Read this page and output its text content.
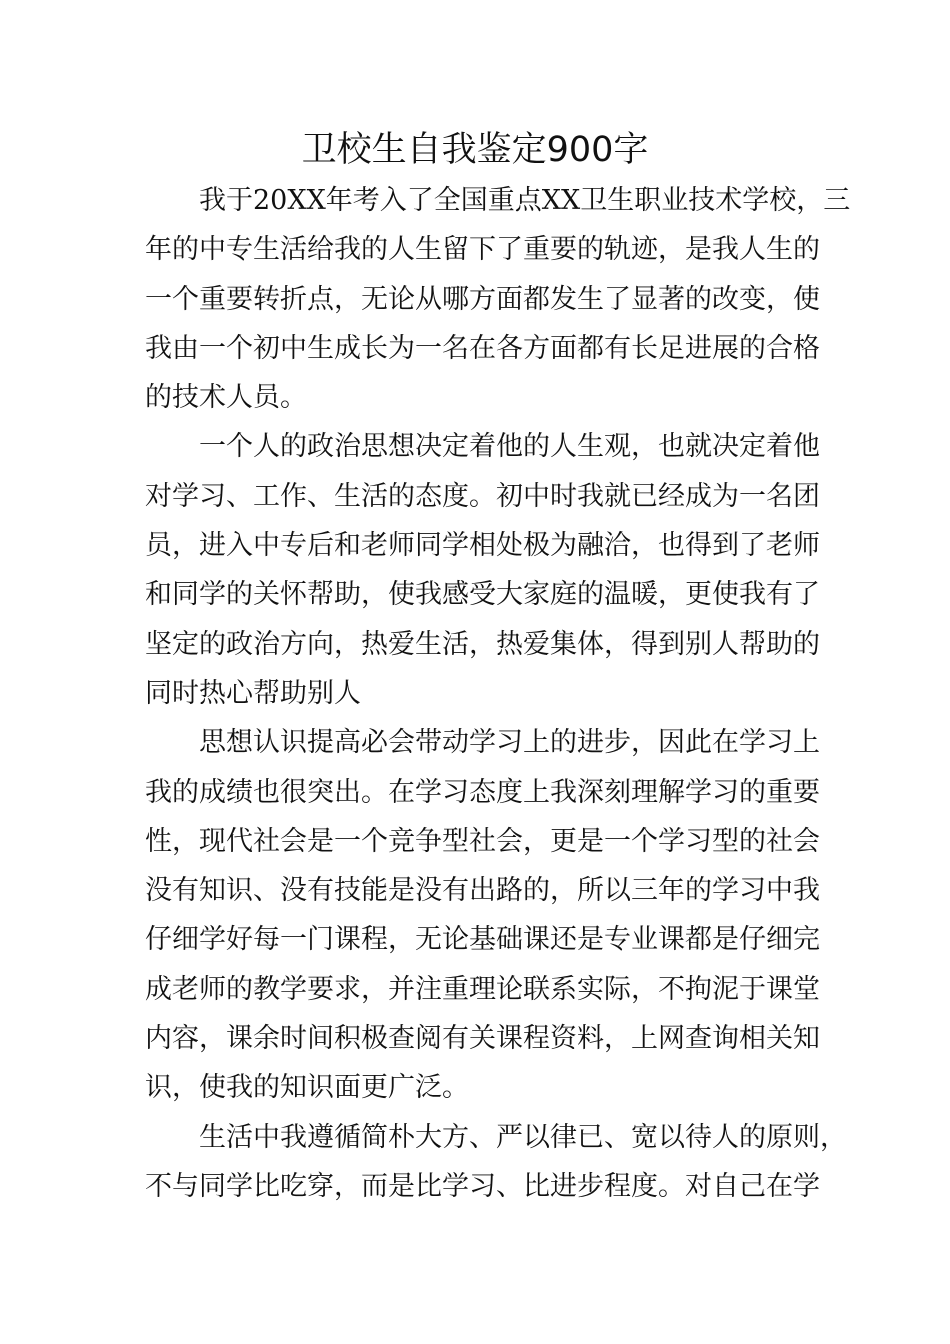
卫校生自我鉴定900字
我于20XX年考入了全国重点XX卫生职业技术学校，三
年的中专生活给我的人生留下了重要的轨迹，是我人生的
一个重要转折点，无论从哪方面都发生了显著的改变，使
我由一个初中生成长为一名在各方面都有长足进展的合格
的技术人员。
一个人的政治思想决定着他的人生观，也就决定着他
对学习、工作、生活的态度。初中时我就已经成为一名团
员，进入中专后和老师同学相处极为融洽，也得到了老师
和同学的关怀帮助，使我感受大家庭的温暖，更使我有了
坚定的政治方向，热爱生活，热爱集体，得到别人帮助的
同时热心帮助别人
思想认识提高必会带动学习上的进步，因此在学习上
我的成绩也很突出。在学习态度上我深刻理解学习的重要
性，现代社会是一个竞争型社会，更是一个学习型的社会
没有知识、没有技能是没有出路的，所以三年的学习中我
仔细学好每一门课程，无论基础课还是专业课都是仔细完
成老师的教学要求，并注重理论联系实际，不拘泥于课堂
内容，课余时间积极查阅有关课程资料，上网查询相关知
识，使我的知识面更广泛。
生活中我遵循简朴大方、严以律已、宽以待人的原则，
不与同学比吃穿，而是比学习、比进步程度。对自己在学
